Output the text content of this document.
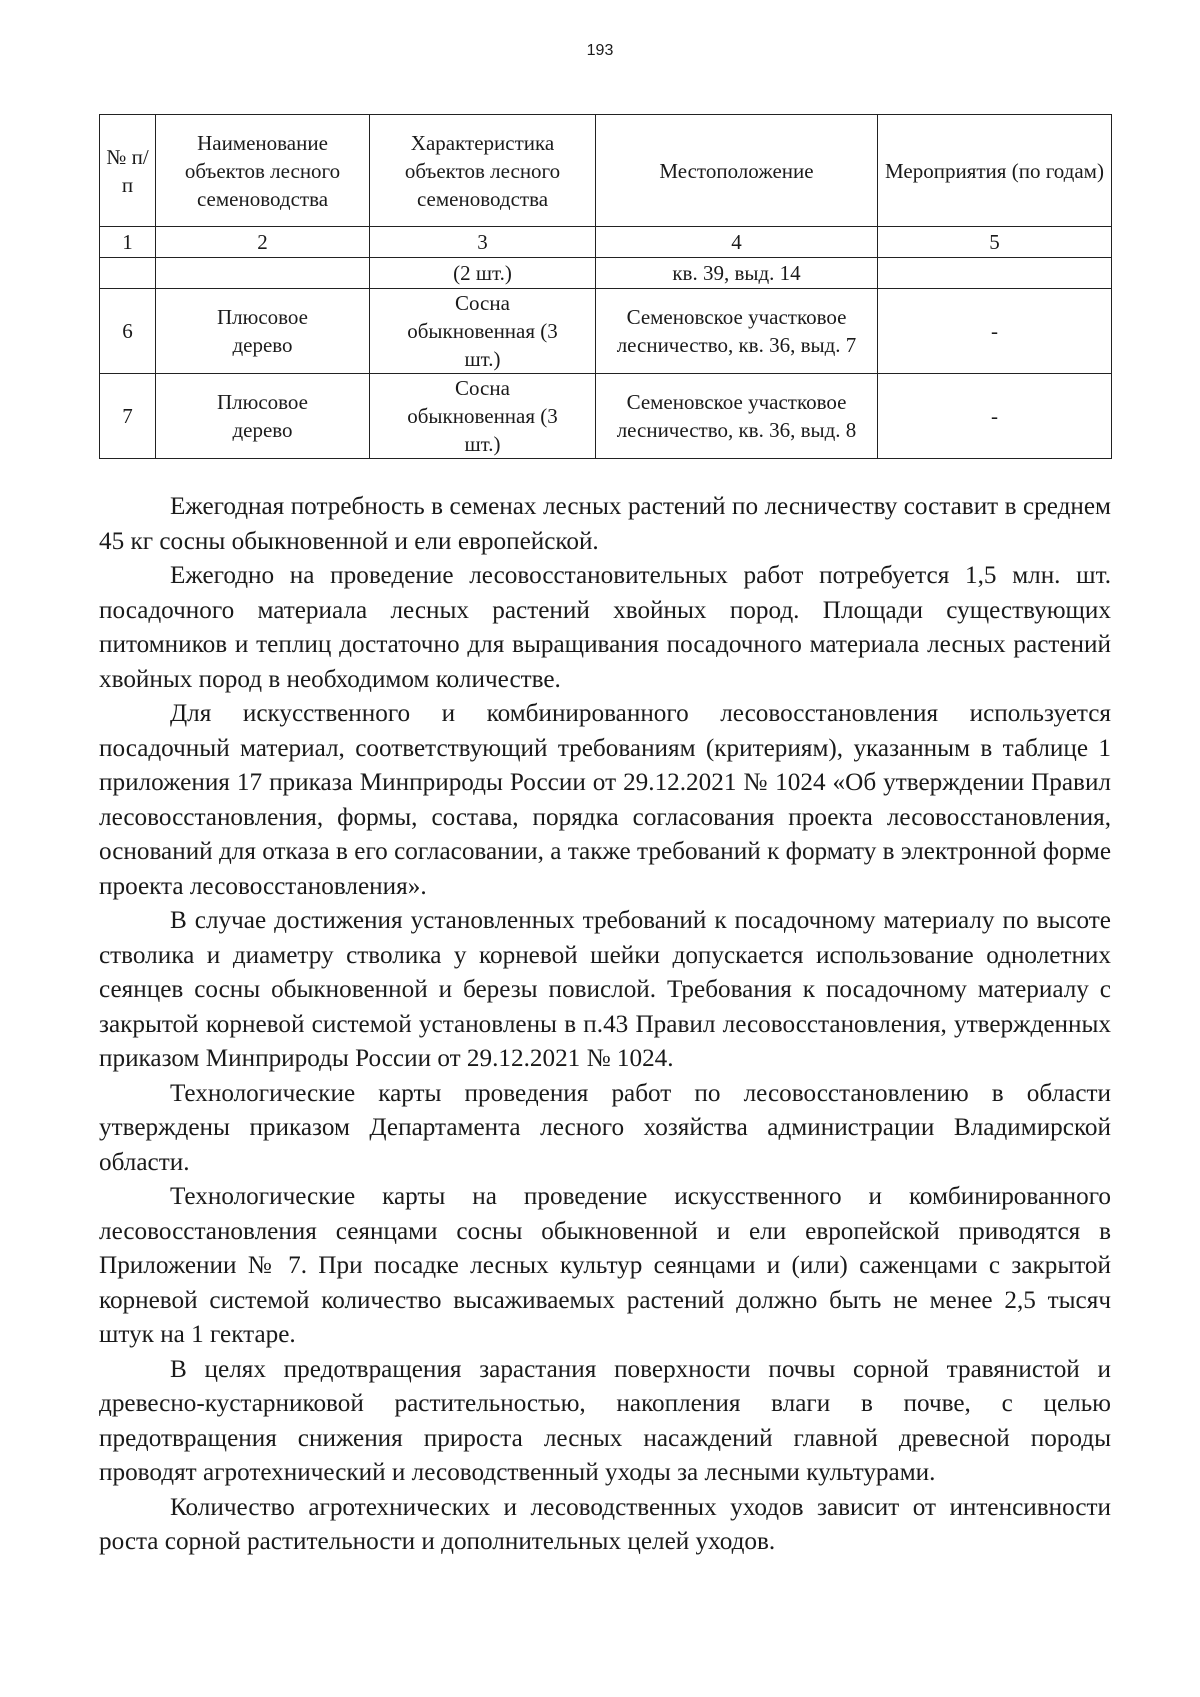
193
№ п/п	Наименование объектов лесного семеноводства	Характеристика объектов лесного семеноводства	Местоположение	Мероприятия (по годам)
1	2	3	4	5
		(2 шт.)	кв. 39, выд. 14	
6	Плюсовое дерево	Сосна обыкновенная (3 шт.)	Семеновское участковое лесничество, кв. 36, выд. 7	-
7	Плюсовое дерево	Сосна обыкновенная (3 шт.)	Семеновское участковое лесничество, кв. 36, выд. 8	-

Ежегодная потребность в семенах лесных растений по лесничеству составит в среднем 45 кг сосны обыкновенной и ели европейской.

Ежегодно на проведение лесовосстановительных работ потребуется 1,5 млн. шт. посадочного материала лесных растений хвойных пород. Площади существующих питомников и теплиц достаточно для выращивания посадочного материала лесных растений хвойных пород в необходимом количестве.

Для искусственного и комбинированного лесовосстановления используется посадочный материал, соответствующий требованиям (критериям), указанным в таблице 1 приложения 17 приказа Минприроды России от 29.12.2021 № 1024 «Об утверждении Правил лесовосстановления, формы, состава, порядка согласования проекта лесовосстановления, оснований для отказа в его согласовании, а также требований к формату в электронной форме проекта лесовосстановления».

В случае достижения установленных требований к посадочному материалу по высоте стволика и диаметру стволика у корневой шейки допускается использование однолетних сеянцев сосны обыкновенной и березы повислой. Требования к посадочному материалу с закрытой корневой системой установлены в п.43 Правил лесовосстановления, утвержденных приказом Минприроды России от 29.12.2021 № 1024.

Технологические карты проведения работ по лесовосстановлению в области утверждены приказом Департамента лесного хозяйства администрации Владимирской области.

Технологические карты на проведение искусственного и комбинированного лесовосстановления сеянцами сосны обыкновенной и ели европейской приводятся в Приложении № 7. При посадке лесных культур сеянцами и (или) саженцами с закрытой корневой системой количество высаживаемых растений должно быть не менее 2,5 тысяч штук на 1 гектаре.

В целях предотвращения зарастания поверхности почвы сорной травянистой и древесно-кустарниковой растительностью, накопления влаги в почве, с целью предотвращения снижения прироста лесных насаждений главной древесной породы проводят агротехнический и лесоводственный уходы за лесными культурами.

Количество агротехнических и лесоводственных уходов зависит от интенсивности роста сорной растительности и дополнительных целей уходов.
